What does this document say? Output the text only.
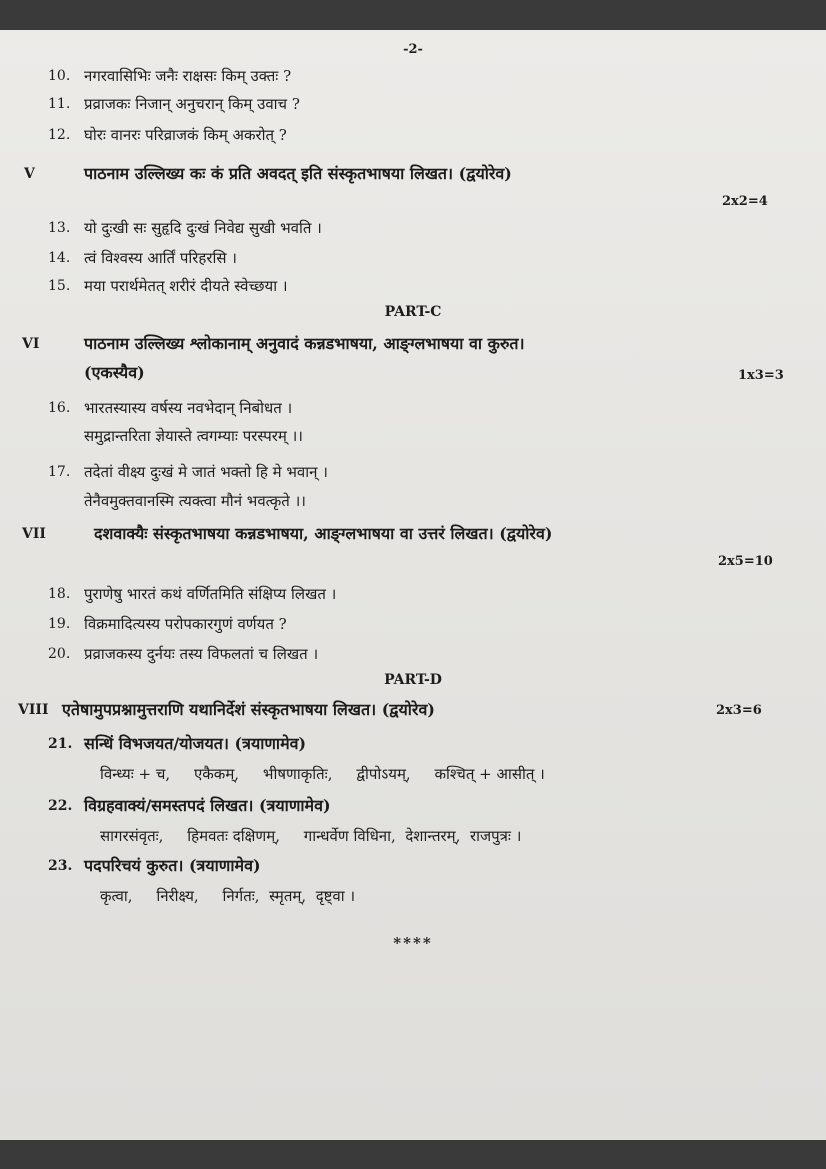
-2-
10. नगरवासिभिः जनैः राक्षसः किम् उक्तः ?
11. प्रव्राजकः निजान् अनुचरान् किम् उवाच ?
12. घोरः वानरः परिव्राजकं किम् अकरोत् ?
V	पाठनाम उल्लिख्य कः कं प्रति अवदत् इति संस्कृतभाषया लिखत। (द्वयोरेव)
2x2=4
13. यो दुःखी सः सुहृदि दुःखं निवेद्य सुखी भवति ।
14. त्वं विश्वस्य आर्तिं परिहरसि ।
15. मया परार्थमेतत् शरीरं दीयते स्वेच्छया ।
PART-C
VI	पाठनाम उल्लिख्य श्लोकानाम् अनुवादं कन्नडभाषया, आङ्ग्लभाषया वा कुरुत।
(एकस्यैव)	1x3=3
16. भारतस्यास्य वर्षस्य नवभेदान् निबोधत ।
समुद्रान्तरिता ज्ञेयास्ते त्वगम्याः परस्परम् ।।
17. तदेतां वीक्ष्य दुःखं मे जातं भक्तो हि मे भवान् ।
तेनैवमुक्तवानस्मि त्यक्त्वा मौनं भवत्कृते ।।
VII	दशवाक्यैः संस्कृतभाषया कन्नडभाषया, आङ्ग्लभाषया वा उत्तरं लिखत। (द्वयोरेव)
2x5=10
18. पुराणेषु भारतं कथं वर्णितमिति संक्षिप्य लिखत ।
19. विक्रमादित्यस्य परोपकारगुणं वर्णयत ?
20. प्रव्राजकस्य दुर्नयः तस्य विफलतां च लिखत ।
PART-D
VIII एतेषामुपप्रश्नामुत्तराणि यथानिर्देशं संस्कृतभाषया लिखत। (द्वयोरेव)	2x3=6
21. सन्धिं विभजयत/योजयत। (त्रयाणामेव)
विन्ध्यः + च,     एकैकम्,     भीषणाकृतिः,     द्वीपोऽयम्,     कश्चित् + आसीत् ।
22. विग्रहवाक्यं/समस्तपदं लिखत। (त्रयाणामेव)
सागरसंवृतः,     हिमवतः दक्षिणम्,     गान्धर्वेण विधिना,  देशान्तरम्,  राजपुत्रः ।
23. पदपरिचयं कुरुत। (त्रयाणामेव)
कृत्वा,     निरीक्ष्य,     निर्गतः,  स्मृतम्,  दृष्ट्वा ।
****
